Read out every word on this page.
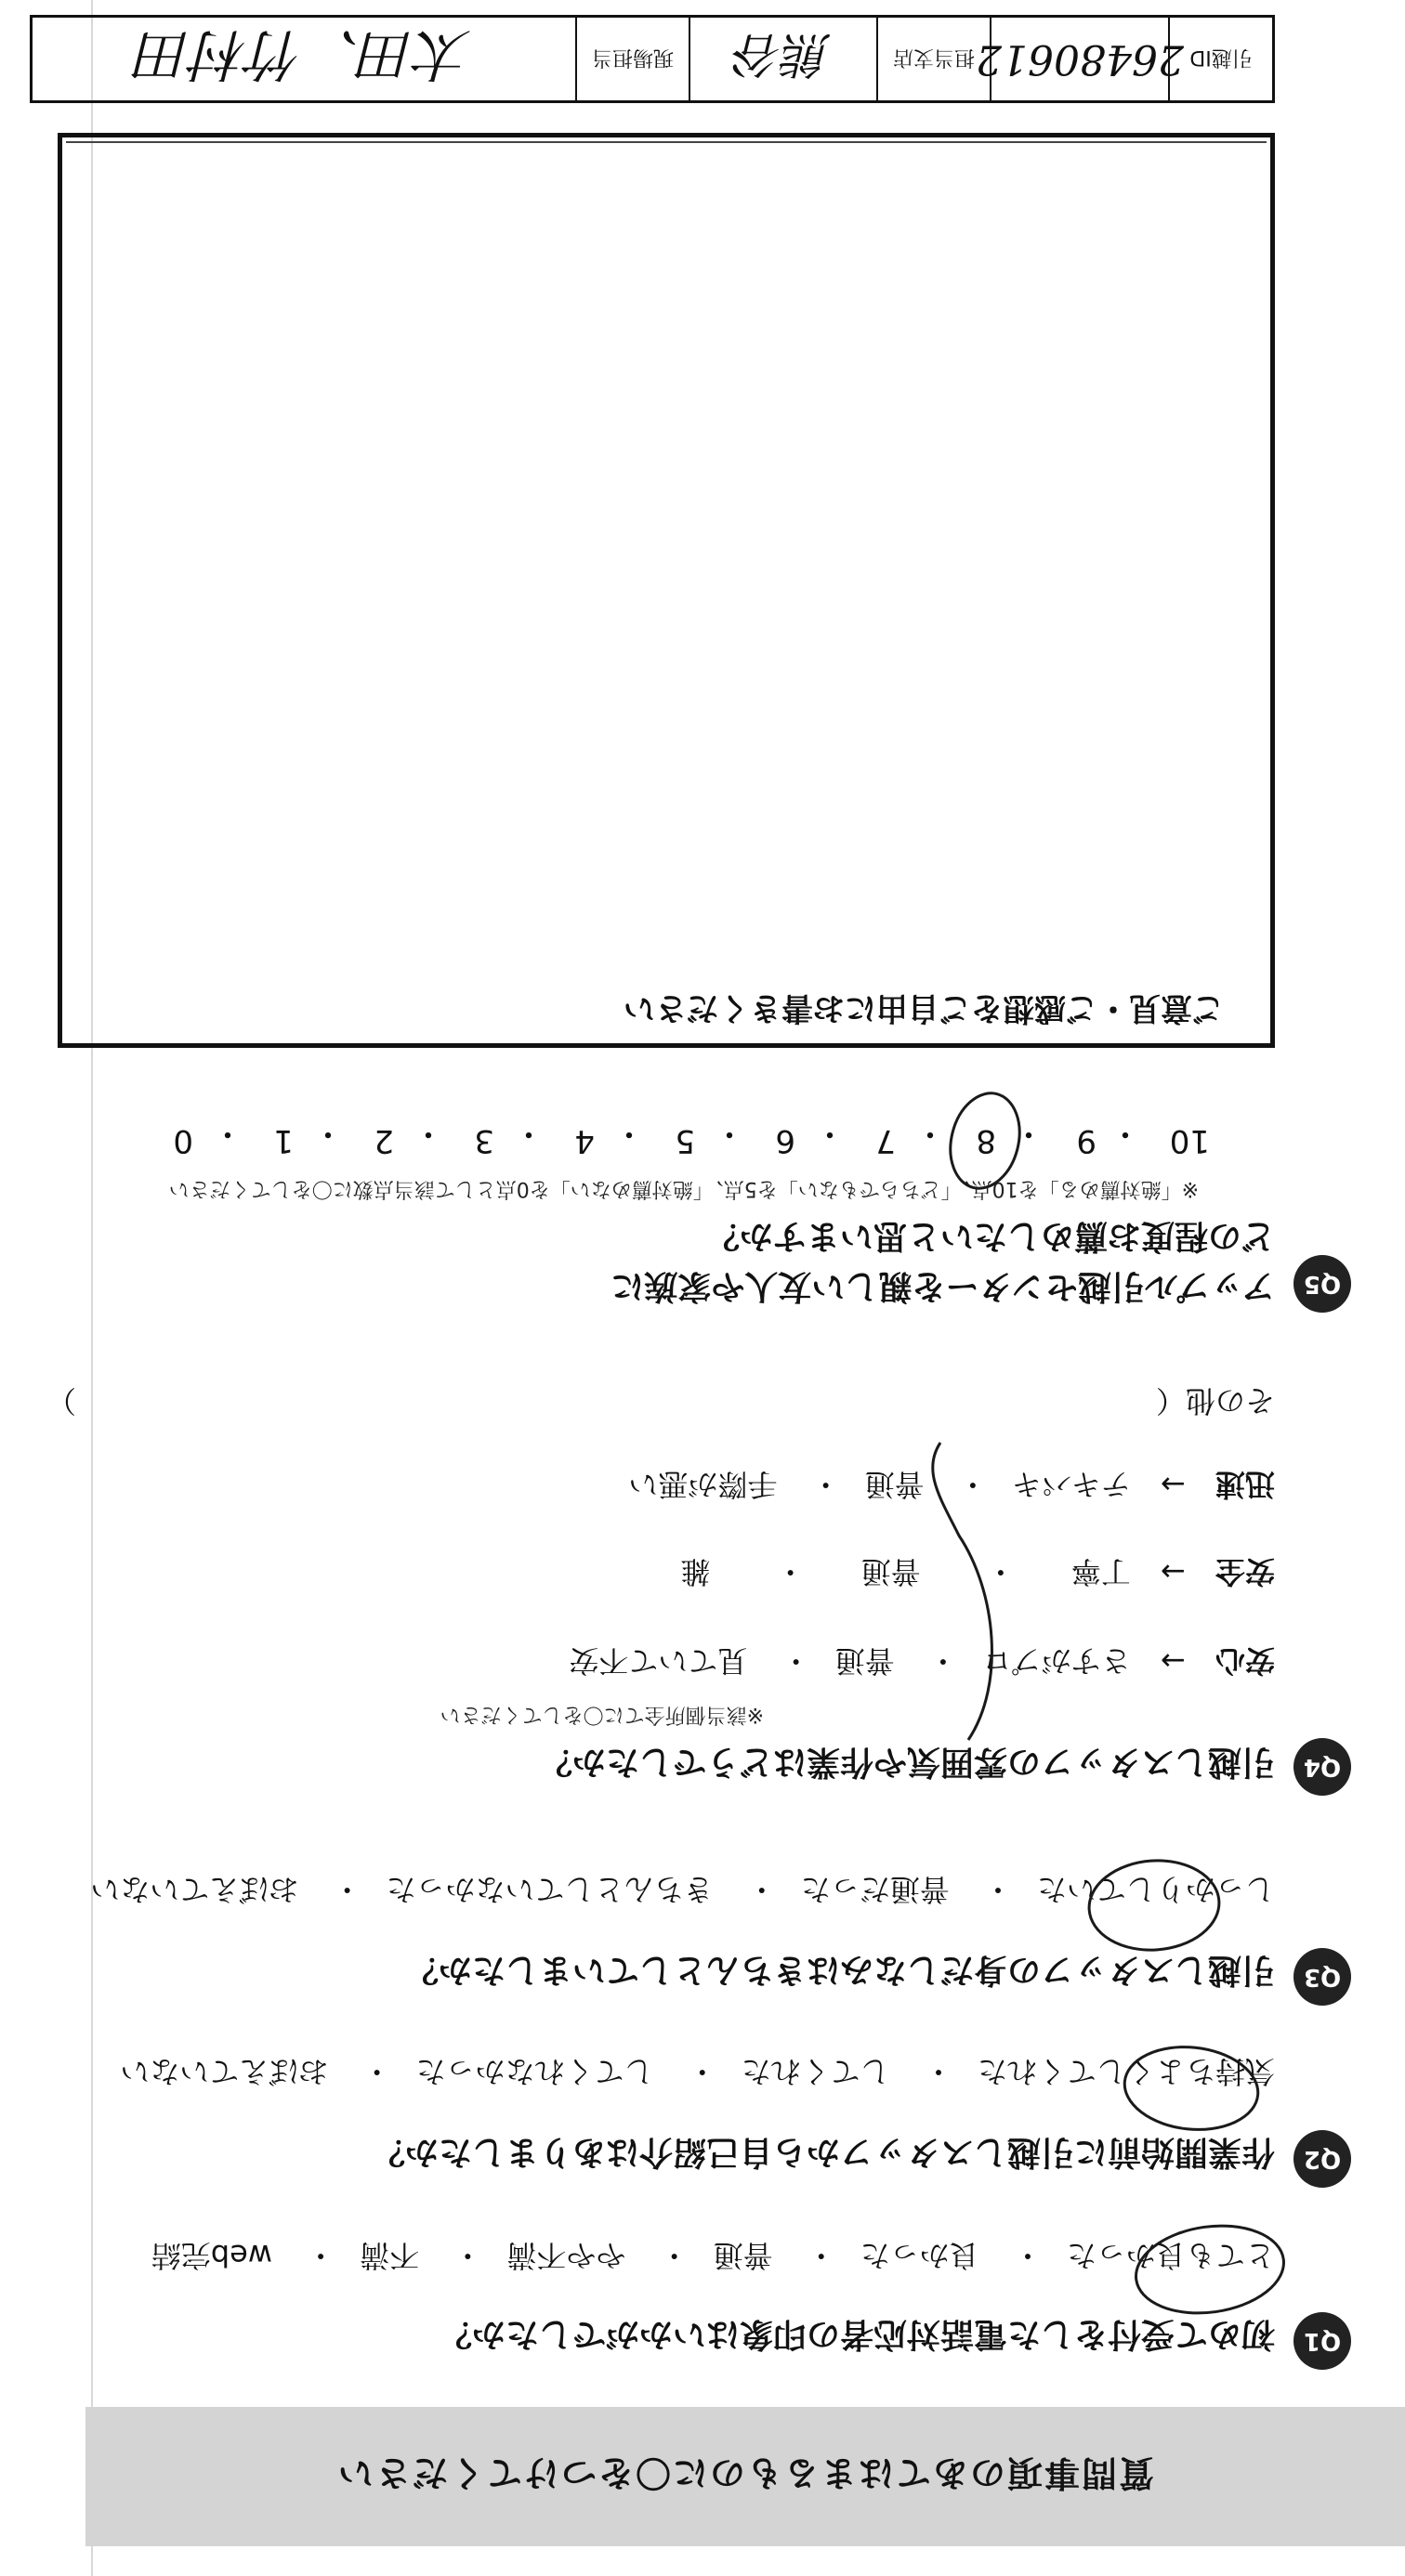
質問事項のあてはまるものに〇をつけてください
Q1
初めて受付をした電話対応者の印象はいかがでしたか？
とても良かった・ 良かった・ 普通・ やや不満・ 不満・ web完結
Q2
作業開始前に引越しスタッフから自己紹介はありましたか？
気持ちよくしてくれた・ してくれた・ してくれなかった・ おぼえていない
Q3
引越しスタッフの身だしなみはきちんとしていましたか？
しっかりしていた・ 普通だった・ きちんとしていなかった・ おぼえていない
Q4
引越しスタッフの雰囲気や作業はどうでしたか？
※該当個所全てに〇をしてください
安心 → さすがプロ・ 普通・ 見ていて不安
安全 → 丁寧・ 普通・ 雑
迅速 → テキパキ・ 普通・ 手際が悪い
その他（
）
Q5
アップル引越センターを親しい友人や家族に
どの程度お薦めしたいと思いますか？
※「絶対薦める」を10点、「どちらでもない」を5点、「絶対薦めない」を0点として該当点数に〇をしてください
10
・
9
・
8
・
7
・
6
・
5
・
4
・
3
・
2
・
1
・
0
ご意見・ご感想をご自由にお書きください
引越ID
26480612
担当支店
熊谷
現場担当
太田、竹村田
